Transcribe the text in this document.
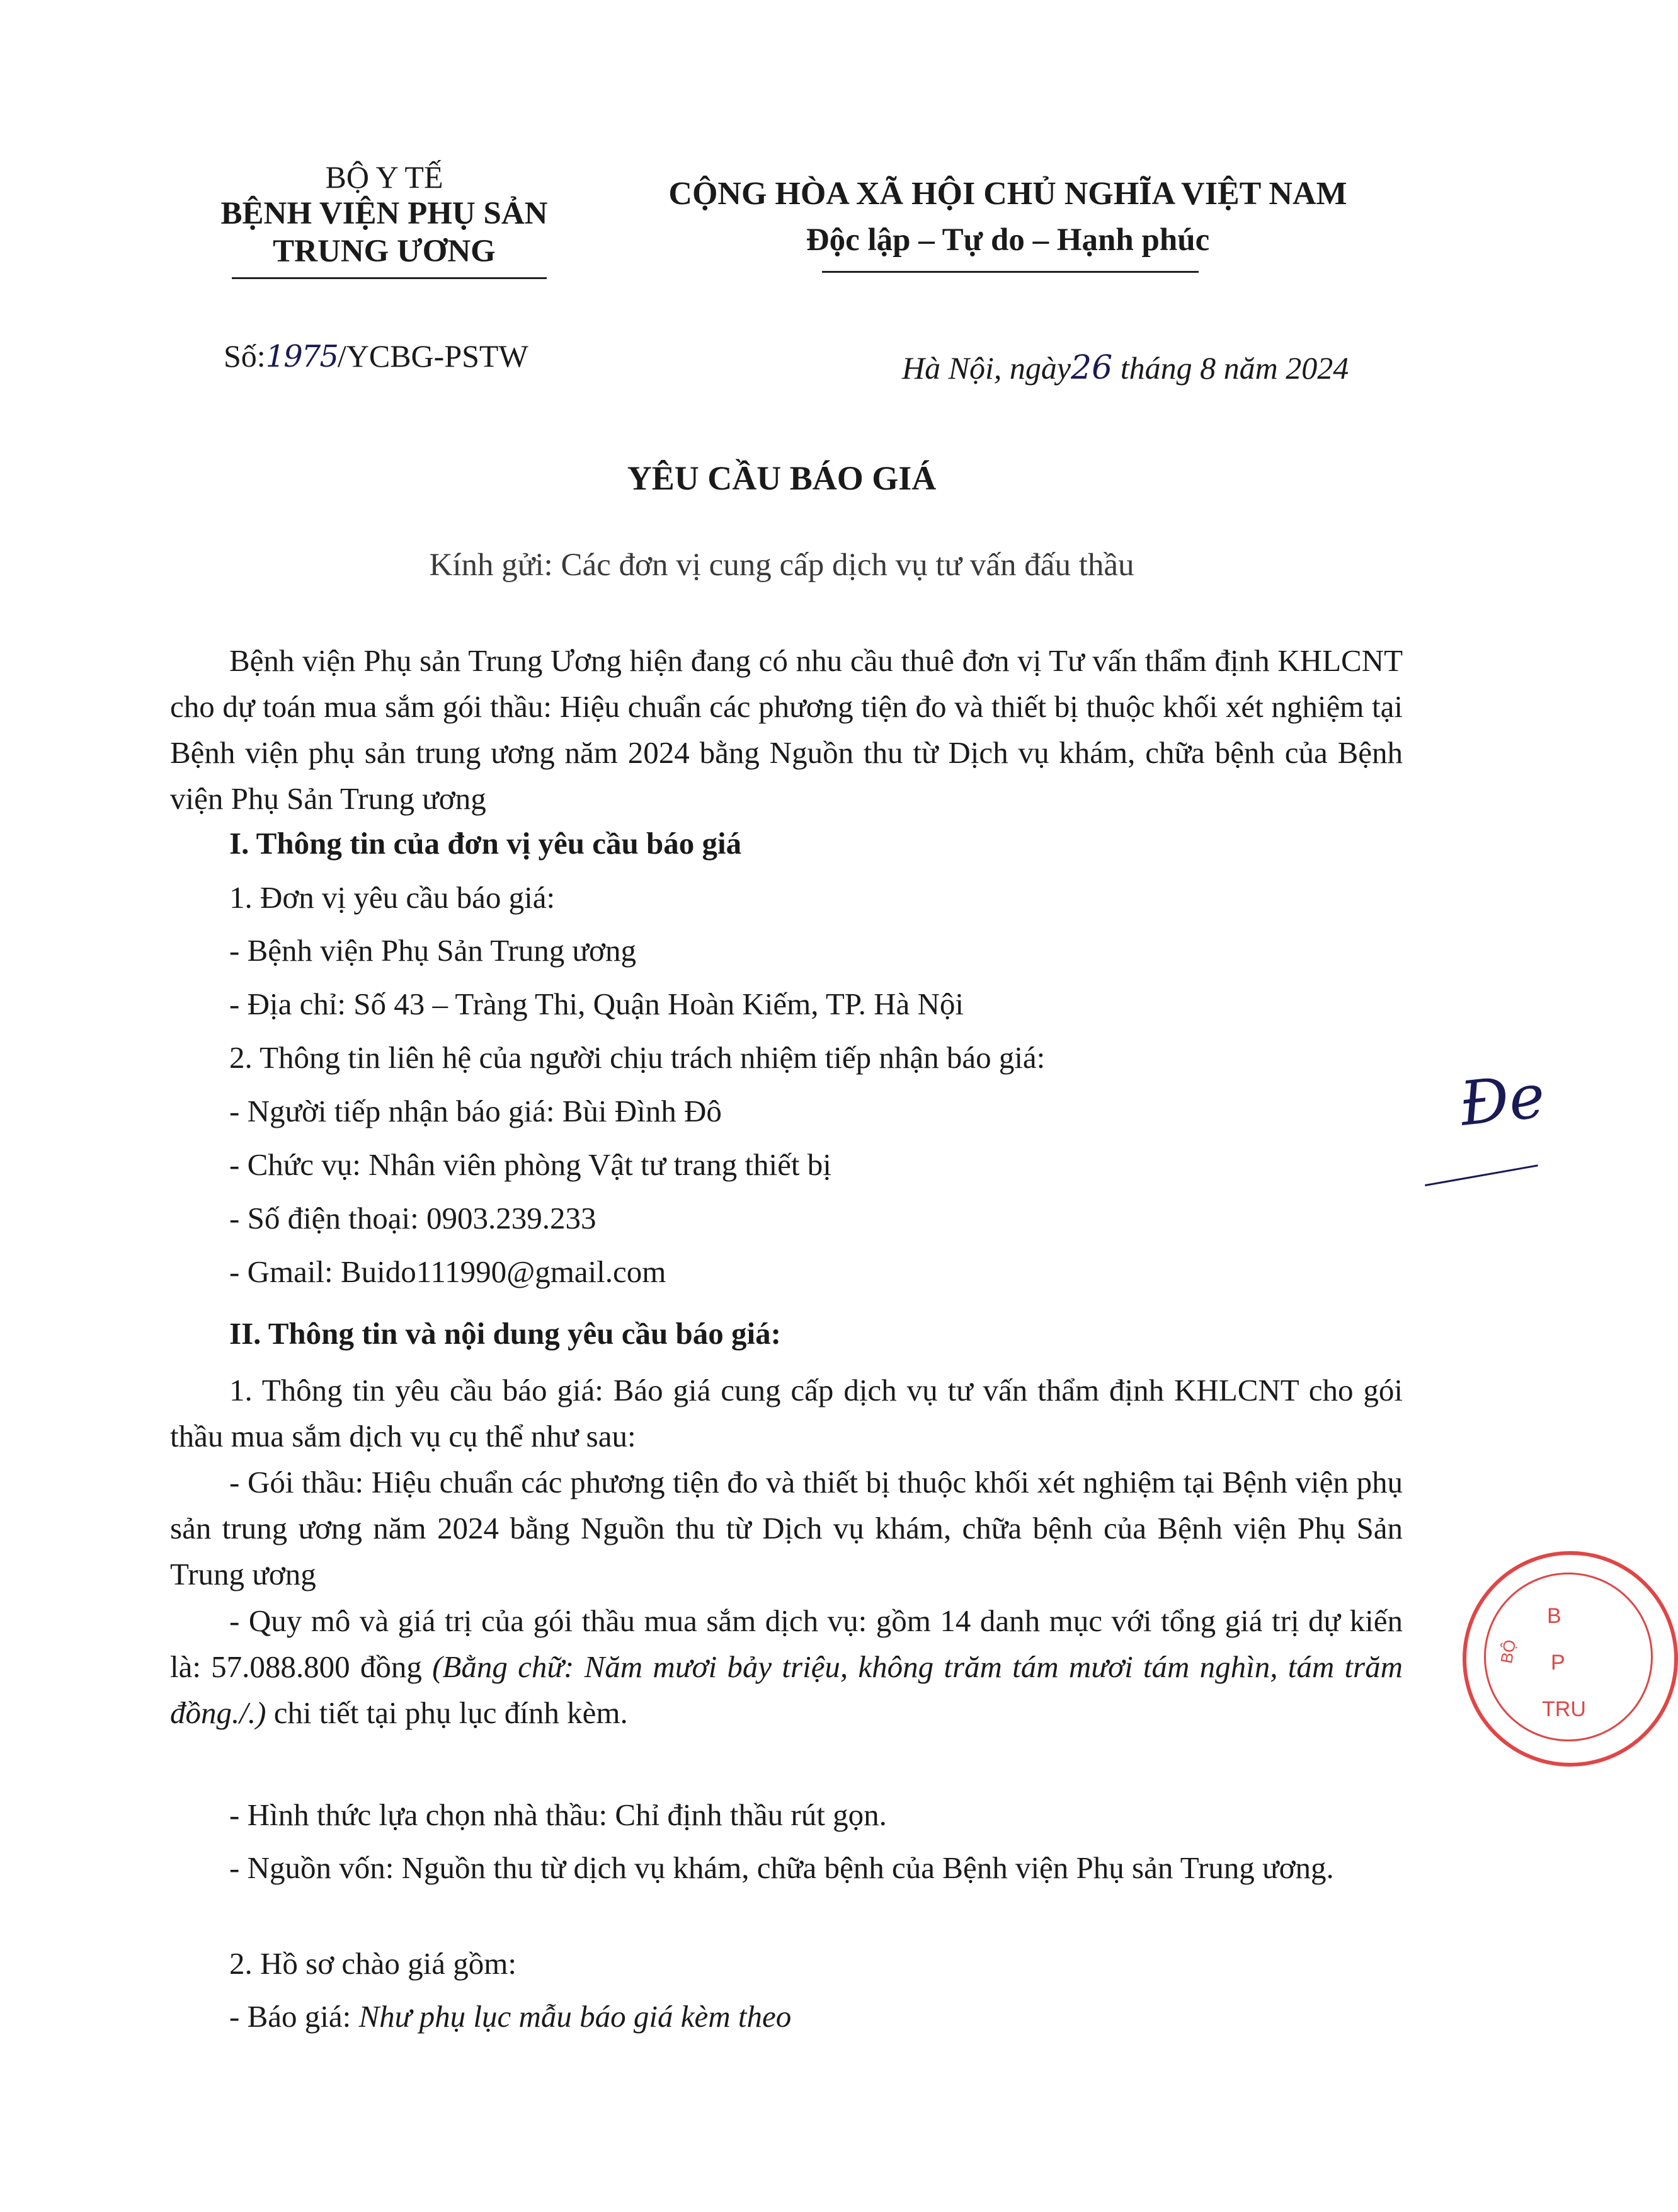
BỘ Y TẾ
BỆNH VIỆN PHỤ SẢN
TRUNG ƯƠNG
CỘNG HÒA XÃ HỘI CHỦ NGHĨA VIỆT NAM
Độc lập – Tự do – Hạnh phúc
Số:1975/YCBG-PSTW	Hà Nội, ngày26 tháng 8 năm 2024
YÊU CẦU BÁO GIÁ
Kính gửi: Các đơn vị cung cấp dịch vụ tư vấn đấu thầu
Bệnh viện Phụ sản Trung Ương hiện đang có nhu cầu thuê đơn vị Tư vấn thẩm định KHLCNT cho dự toán mua sắm gói thầu: Hiệu chuẩn các phương tiện đo và thiết bị thuộc khối xét nghiệm tại Bệnh viện phụ sản trung ương năm 2024 bằng Nguồn thu từ Dịch vụ khám, chữa bệnh của Bệnh viện Phụ Sản Trung ương
I. Thông tin của đơn vị yêu cầu báo giá
1. Đơn vị yêu cầu báo giá:
- Bệnh viện Phụ Sản Trung ương
- Địa chỉ: Số 43 – Tràng Thi, Quận Hoàn Kiếm, TP. Hà Nội
2. Thông tin liên hệ của người chịu trách nhiệm tiếp nhận báo giá:
- Người tiếp nhận báo giá: Bùi Đình Đô
- Chức vụ: Nhân viên phòng Vật tư trang thiết bị
- Số điện thoại: 0903.239.233
- Gmail: Buido111990@gmail.com
II. Thông tin và nội dung yêu cầu báo giá:
1. Thông tin yêu cầu báo giá: Báo giá cung cấp dịch vụ tư vấn thẩm định KHLCNT cho gói thầu mua sắm dịch vụ cụ thể như sau:
- Gói thầu: Hiệu chuẩn các phương tiện đo và thiết bị thuộc khối xét nghiệm tại Bệnh viện phụ sản trung ương năm 2024 bằng Nguồn thu từ Dịch vụ khám, chữa bệnh của Bệnh viện Phụ Sản Trung ương
- Quy mô và giá trị của gói thầu mua sắm dịch vụ: gồm 14 danh mục với tổng giá trị dự kiến là: 57.088.800 đồng (Bằng chữ: Năm mươi bảy triệu, không trăm tám mươi tám nghìn, tám trăm đồng./.) chi tiết tại phụ lục đính kèm.
- Hình thức lựa chọn nhà thầu: Chỉ định thầu rút gọn.
- Nguồn vốn: Nguồn thu từ dịch vụ khám, chữa bệnh của Bệnh viện Phụ sản Trung ương.
2. Hồ sơ chào giá gồm:
- Báo giá: Như phụ lục mẫu báo giá kèm theo
Đe
B
P
TRU
BỘ
